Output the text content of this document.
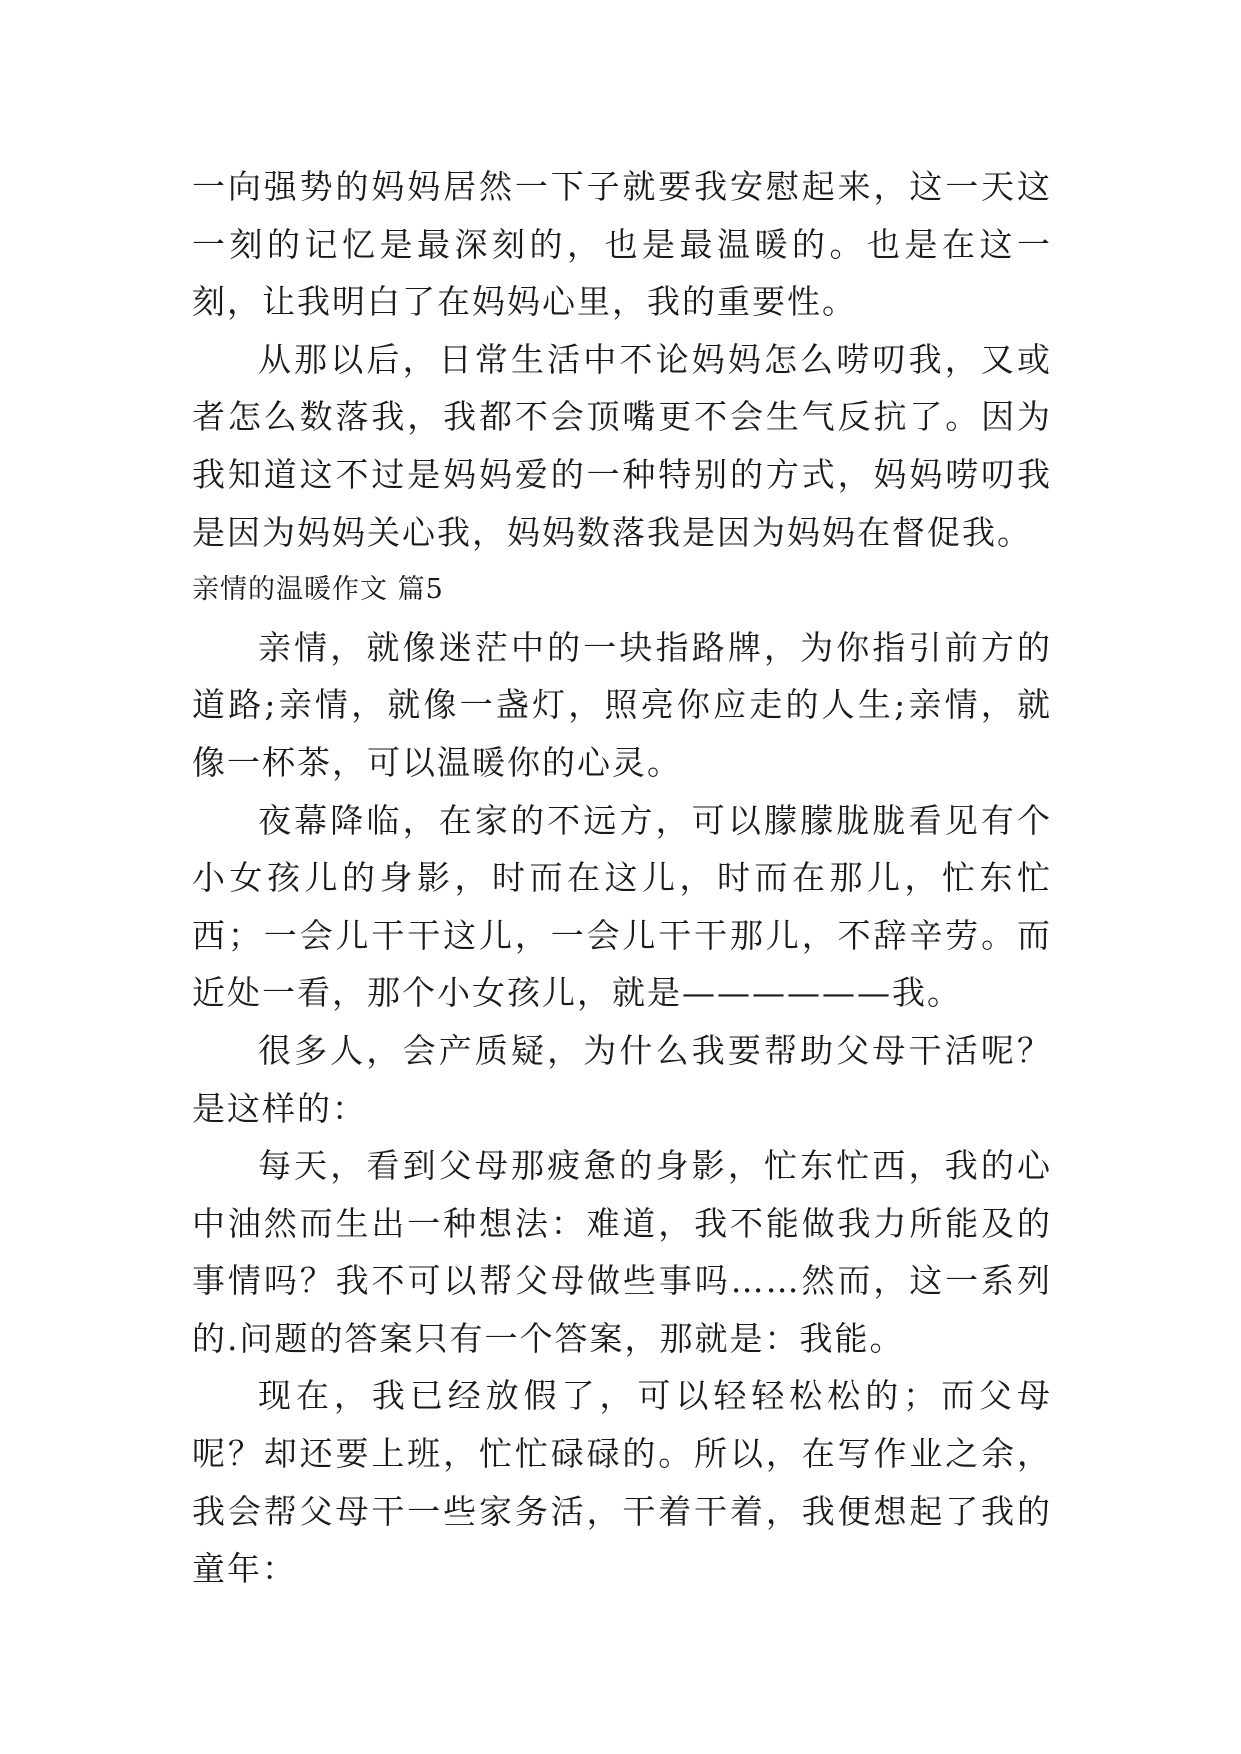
一向强势的妈妈居然一下子就要我安慰起来，这一天这一刻的记忆是最深刻的，也是最温暖的。也是在这一刻，让我明白了在妈妈心里，我的重要性。

从那以后，日常生活中不论妈妈怎么唠叨我，又或者怎么数落我，我都不会顶嘴更不会生气反抗了。因为我知道这不过是妈妈爱的一种特别的方式，妈妈唠叨我是因为妈妈关心我，妈妈数落我是因为妈妈在督促我。

亲情的温暖作文 篇5

亲情，就像迷茫中的一块指路牌，为你指引前方的道路;亲情，就像一盏灯，照亮你应走的人生;亲情，就像一杯茶，可以温暖你的心灵。

夜幕降临，在家的不远方，可以朦朦胧胧看见有个小女孩儿的身影，时而在这儿，时而在那儿，忙东忙西；一会儿干干这儿，一会儿干干那儿，不辞辛劳。而近处一看，那个小女孩儿，就是——————我。

很多人，会产质疑，为什么我要帮助父母干活呢？是这样的：

每天，看到父母那疲惫的身影，忙东忙西，我的心中油然而生出一种想法：难道，我不能做我力所能及的事情吗？我不可以帮父母做些事吗……然而，这一系列的.问题的答案只有一个答案，那就是：我能。

现在，我已经放假了，可以轻轻松松的；而父母呢？却还要上班，忙忙碌碌的。所以，在写作业之余，我会帮父母干一些家务活，干着干着，我便想起了我的童年：
